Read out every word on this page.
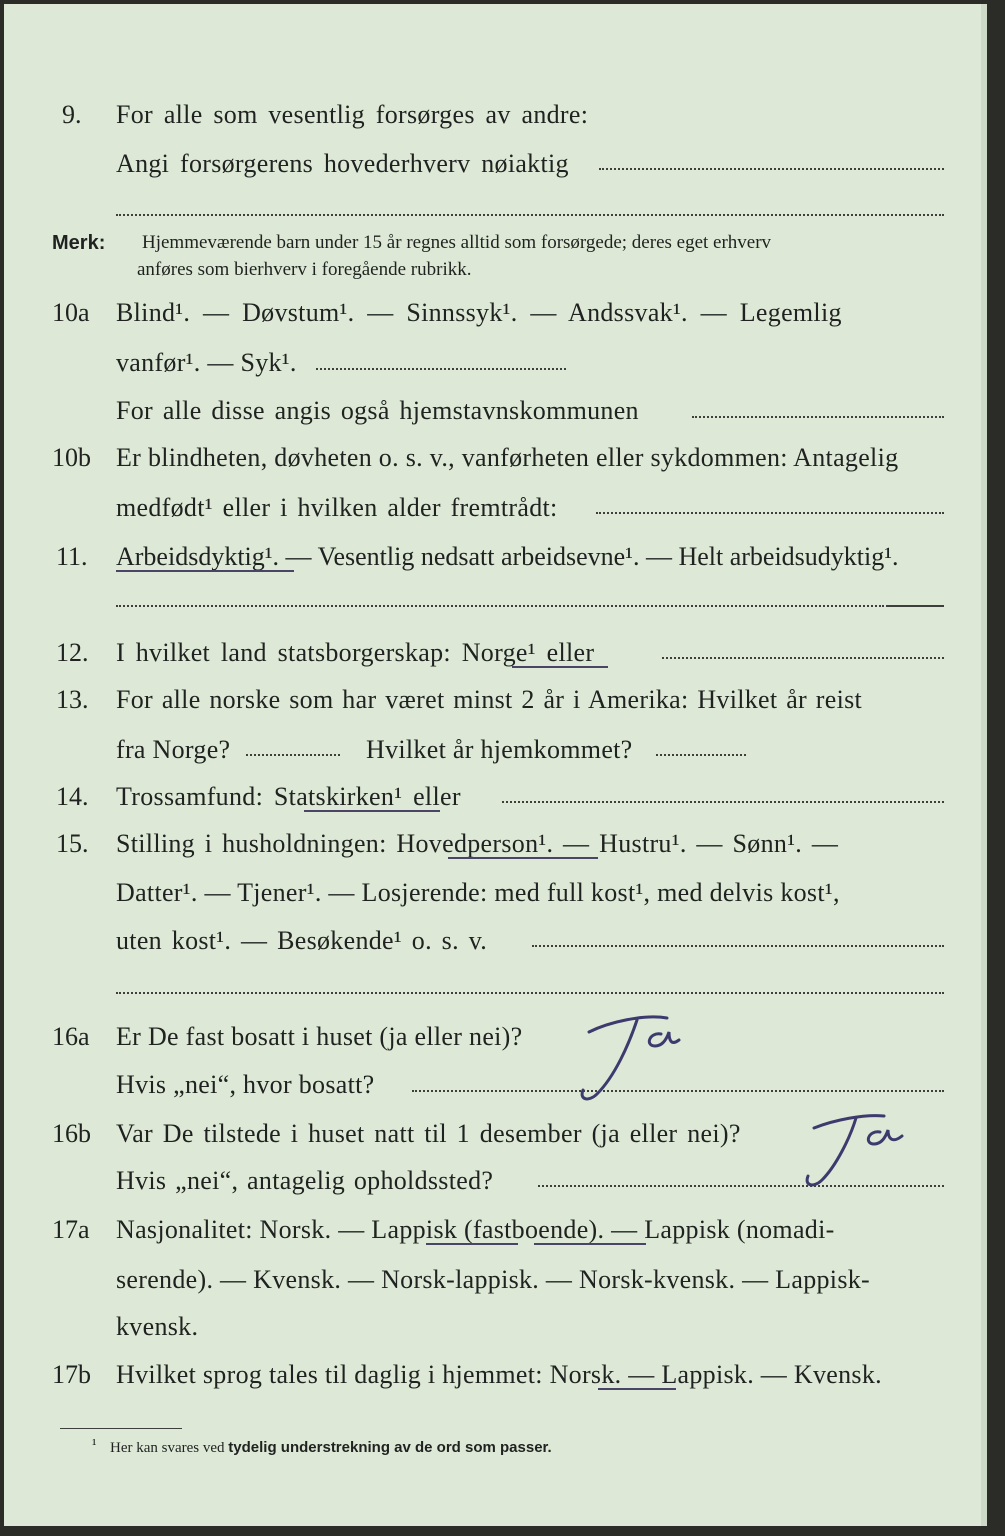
9. For alle som vesentlig forsørges av andre:
Angi forsørgerens hovederhverv nøiaktig
Merk: Hjemmeværende barn under 15 år regnes alltid som forsørgede; deres eget erhverv
anføres som bierhverv i foregående rubrikk.
10a Blind¹. — Døvstum¹. — Sinnssyk¹. — Andssvak¹. — Legemlig
vanfør¹. — Syk¹.
For alle disse angis også hjemstavnskommunen
10b Er blindheten, døvheten o. s. v., vanførheten eller sykdommen: Antagelig
medfødt¹ eller i hvilken alder fremtrådt:
11. Arbeidsdyktig¹. — Vesentlig nedsatt arbeidsevne¹. — Helt arbeidsudyktig¹.
12. I hvilket land statsborgerskap: Norge¹ eller
13. For alle norske som har været minst 2 år i Amerika: Hvilket år reist
fra Norge?	Hvilket år hjemkommet?
14. Trossamfund: Statskirken¹ eller
15. Stilling i husholdningen: Hovedperson¹. — Hustru¹. — Sønn¹. —
Datter¹. — Tjener¹. — Losjerende: med full kost¹, med delvis kost¹,
uten kost¹. — Besøkende¹ o. s. v.
16a Er De fast bosatt i huset (ja eller nei)?
Hvis „nei“, hvor bosatt?
16b Var De tilstede i huset natt til 1 desember (ja eller nei)?
Hvis „nei“, antagelig opholdssted?
17a Nasjonalitet: Norsk. — Lappisk (fastboende). — Lappisk (nomadi-
serende). — Kvensk. — Norsk-lappisk. — Norsk-kvensk. — Lappisk-
kvensk.
17b Hvilket sprog tales til daglig i hjemmet: Norsk. — Lappisk. — Kvensk.
¹ Her kan svares ved tydelig understrekning av de ord som passer.
